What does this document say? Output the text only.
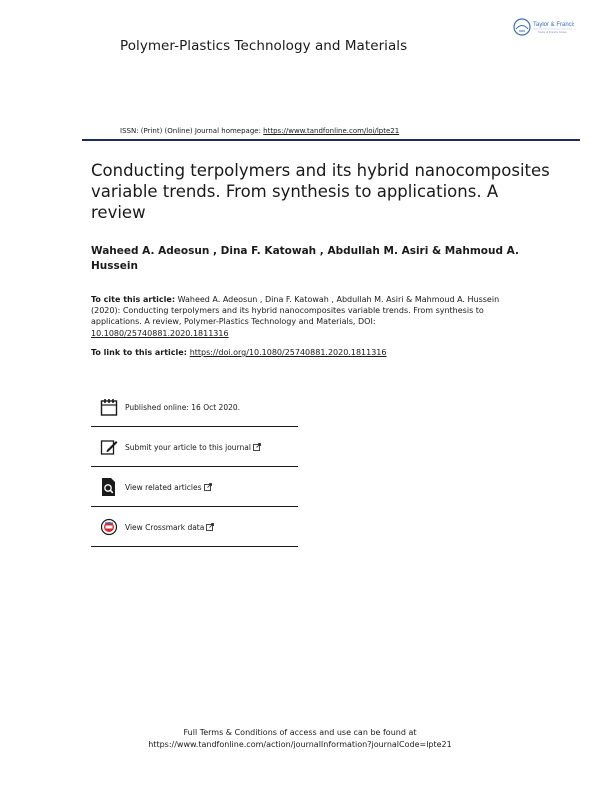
Polymer-Plastics Technology and Materials
Taylor & Francis
Taylor & Francis Group
ISSN: (Print) (Online) Journal homepage: https://www.tandfonline.com/loi/lpte21
Conducting terpolymers and its hybrid nanocomposites variable trends. From synthesis to applications. A review
Waheed A. Adeosun , Dina F. Katowah , Abdullah M. Asiri & Mahmoud A. Hussein
To cite this article: Waheed A. Adeosun , Dina F. Katowah , Abdullah M. Asiri & Mahmoud A. Hussein (2020): Conducting terpolymers and its hybrid nanocomposites variable trends. From synthesis to applications. A review, Polymer-Plastics Technology and Materials, DOI: 10.1080/25740881.2020.1811316
To link to this article: https://doi.org/10.1080/25740881.2020.1811316
Published online: 16 Oct 2020.
Submit your article to this journal
View related articles
View Crossmark data
Full Terms & Conditions of access and use can be found at
https://www.tandfonline.com/action/journalInformation?journalCode=lpte21
